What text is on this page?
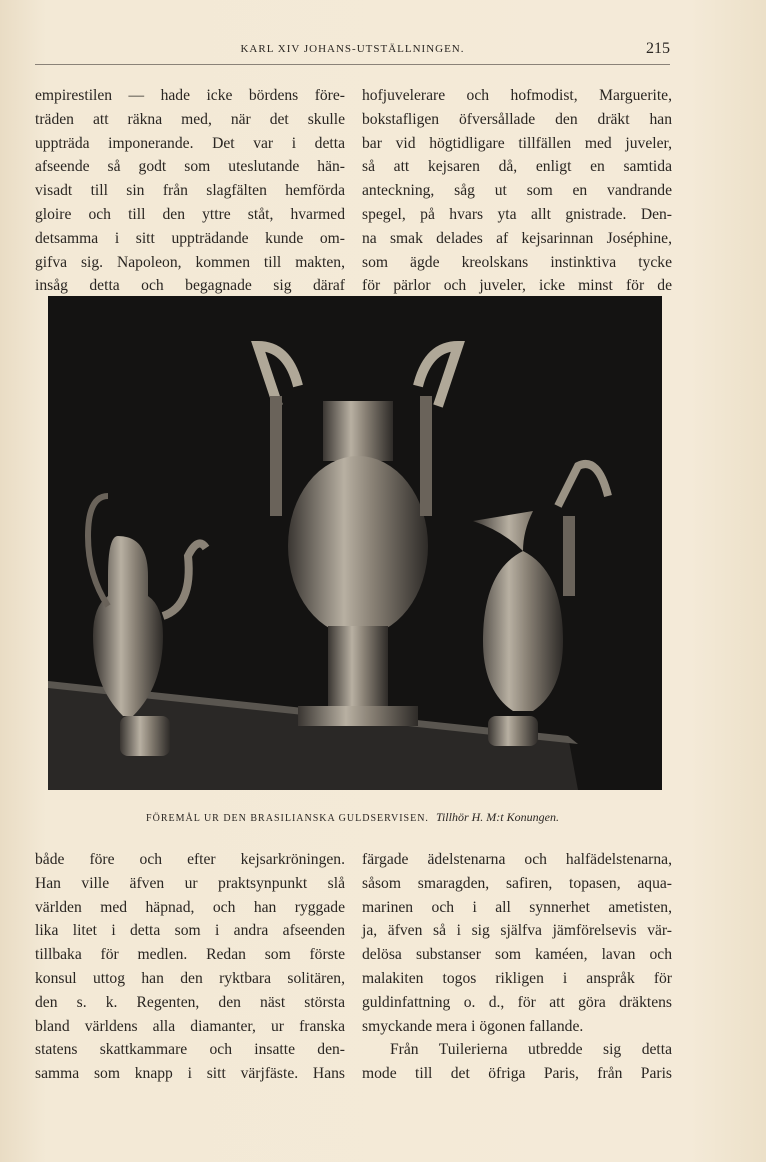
KARL XIV JOHANS-UTSTÄLLNINGEN.	215
empirestilen — hade icke bördens före-
träden att räkna med, när det skulle
uppträda imponerande. Det var i detta
afseende så godt som uteslutande hän-
visadt till sin från slagfälten hemförda
gloire och till den yttre ståt, hvarmed
detsamma i sitt uppträdande kunde om-
gifva sig. Napoleon, kommen till makten,
insåg detta och begagnade sig däraf
hofjuvelerare och hofmodist, Marguerite,
bokstafligen öfversållade den dräkt han
bar vid högtidligare tillfällen med juveler,
så att kejsaren då, enligt en samtida
anteckning, såg ut som en vandrande
spegel, på hvars yta allt gnistrade. Den-
na smak delades af kejsarinnan Joséphine,
som ägde kreolskans instinktiva tycke
för pärlor och juveler, icke minst för de
FÖREMÅL UR DEN BRASILIANSKA GULDSERVISEN. Tillhör H. M:t Konungen.
både före och efter kejsarkröningen.
Han ville äfven ur praktsynpunkt slå
världen med häpnad, och han ryggade
lika litet i detta som i andra afseenden
tillbaka för medlen. Redan som förste
konsul uttog han den ryktbara solitären,
den s. k. Regenten, den näst största
bland världens alla diamanter, ur franska
statens skattkammare och insatte den-
samma som knapp i sitt värjfäste. Hans
färgade ädelstenarna och halfädelstenarna,
såsom smaragden, safiren, topasen, aqua-
marinen och i all synnerhet ametisten,
ja, äfven så i sig själfva jämförelsevis vär-
delösa substanser som kaméen, lavan och
malakiten togos rikligen i anspråk för
guldinfattning o. d., för att göra dräktens
smyckande mera i ögonen fallande.
Från Tuilerierna utbredde sig detta
mode till det öfriga Paris, från Paris
